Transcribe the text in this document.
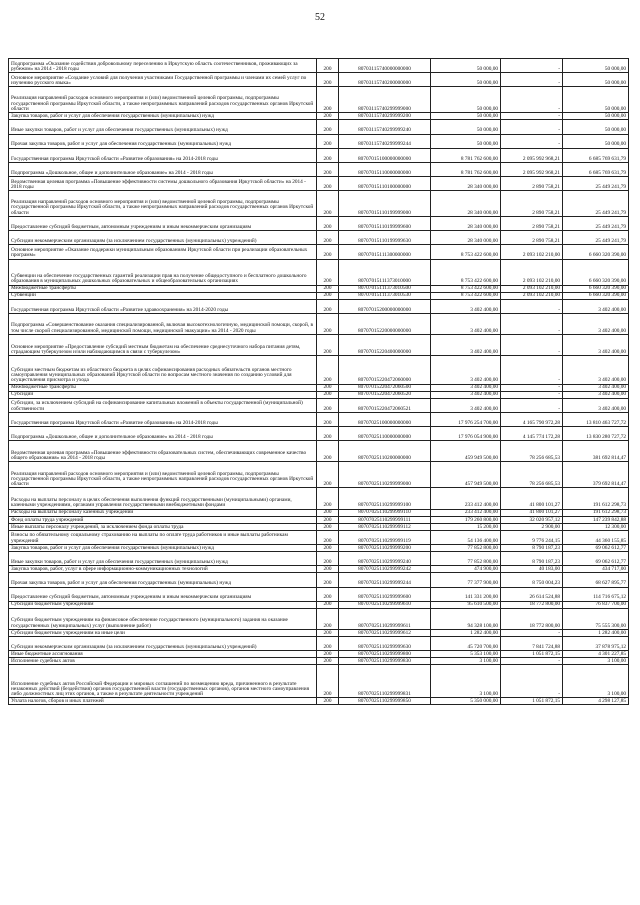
52
Подпрограмма «Оказание содействия добровольному переселению в Иркутскую область соотечественников, проживающих за рубежом» на 2014 - 2018 годы	200	80703115740000000000	50 000,00	-	50 000,00
Основное мероприятие «Создание условий для получения участниками Государственной программы и членами их семей услуг по изучению русского языка»	200	80703115740200000000	50 000,00	-	50 000,00
Реализация направлений расходов основного мероприятия и (или) ведомственной целевой программы, подпрограммы государственной программы Иркутской области, а также непрограммных направлений расходов государственных органов Иркутской области	200	80703115740299999000	50 000,00	-	50 000,00
Закупка товаров, работ и услуг для обеспечения государственных (муниципальных) нужд	200	80703115740299999200	50 000,00	-	50 000,00
Иные закупки товаров, работ и услуг для обеспечения государственных (муниципальных) нужд	200	80703115740299999240	50 000,00	-	50 000,00
Прочая закупка товаров, работ и услуг для обеспечения государственных (муниципальных) нужд	200	80703115740299999244	50 000,00	-	50 000,00
Государственная программа Иркутской области «Развитие образования» на 2014-2018 годы	200	80707015100000000000	8 781 762 600,00	2 095 992 968,21	6 685 769 631,79
Подпрограмма «Дошкольное, общее и дополнительное образование» на 2014 - 2018 годы	200	80707015110000000000	8 781 762 600,00	2 095 992 968,21	6 685 769 631,79
Ведомственная целевая программа «Повышение эффективности системы дошкольного образования Иркутской области» на 2014 - 2018 годы	200	80707015110100000000	28 340 000,00	2 890 758,21	25 449 241,79
Реализация направлений расходов основного мероприятия и (или) ведомственной целевой программы, подпрограммы государственной программы Иркутской области, а также непрограммных направлений расходов государственных органов Иркутской области	200	80707015110199999000	28 340 000,00	2 890 758,21	25 449 241,79
Предоставление субсидий бюджетным, автономным учреждениям и иным некоммерческим организациям	200	80707015110199999600	28 340 000,00	2 890 758,21	25 449 241,79
Субсидии некоммерческим организациям (за исключением государственных (муниципальных) учреждений)	200	80707015110199999630	28 340 000,00	2 890 758,21	25 449 241,79
Основное мероприятие «Оказание поддержки муниципальным образованиям Иркутской области при реализации образовательных программ»	200	80707015111300000000	8 753 422 600,00	2 093 102 210,00	6 660 320 390,00
Субвенции на обеспечение государственных гарантий реализации прав на получение общедоступного и бесплатного дошкольного образования в муниципальных дошкольных образовательных и общеобразовательных организациях	200	80707015111373010000	8 753 422 600,00	2 093 102 210,00	6 660 320 390,00
Межбюджетные трансферты	200	80707015111373010500	8 753 422 600,00	2 093 102 210,00	6 660 320 390,00
Субвенции	200	80707015111373010530	8 753 422 600,00	2 093 102 210,00	6 660 320 390,00
Государственная программа Иркутской области «Развитие здравоохранения» на 2014-2020 годы	200	80707015200000000000	3 402 400,00	-	3 402 400,00
Подпрограмма «Совершенствование оказания специализированной, включая высокотехнологичную, медицинской помощи, скорой, в том числе скорой специализированной, медицинской помощи, медицинской эвакуации» на 2014 - 2020 годы	200	80707015220000000000	3 402 400,00	-	3 402 400,00
Основное мероприятие «Предоставление субсидий местным бюджетам на обеспечение среднесуточного набора питания детям, страдающим туберкулезом и/или наблюдающимся в связи с туберкулезом»	200	80707015220400000000	3 402 400,00	-	3 402 400,00
Субсидии местным бюджетам из областного бюджета в целях софинансирования расходных обязательств органов местного самоуправления муниципальных образований Иркутской области по вопросам местного значения по созданию условий для осуществления присмотра и ухода	200	80707015220472060000	3 402 400,00	-	3 402 400,00
Межбюджетные трансферты	200	80707015220472060500	3 402 400,00	-	3 402 400,00
Субсидии	200	80707015220472060520	3 402 400,00	-	3 402 400,00
Субсидии, за исключением субсидий на софинансирование капитальных вложений в объекты государственной (муниципальной) собственности	200	80707015220472060521	3 402 400,00	-	3 402 400,00
Государственная программа Иркутской области «Развитие образования» на 2014-2018 годы	200	80707025100000000000	17 976 254 700,00	4 165 790 972,28	13 810 463 727,72
Подпрограмма «Дошкольное, общее и дополнительное образование» на 2014 - 2018 годы	200	80707025110000000000	17 976 054 900,00	4 145 774 172,28	13 830 280 727,72
Ведомственная целевая программа «Повышение эффективности образовательных систем, обеспечивающих современное качество общего образования» на 2014 - 2018 годы	200	80707025110200000000	459 949 500,00	78 256 685,53	381 692 814,47
Реализация направлений расходов основного мероприятия и (или) ведомственной целевой программы, подпрограммы государственной программы Иркутской области, а также непрограммных направлений расходов государственных органов Иркутской области	200	80707025110299999000	457 949 500,00	78 256 685,53	379 692 814,47
Расходы на выплаты персоналу в целях обеспечения выполнения функций государственными (муниципальными) органами, казенными учреждениями, органами управления государственными внебюджетными фондами	200	80707025110299999100	233 412 400,00	41 800 101,27	191 612 298,73
Расходы на выплаты персоналу казенных учреждений	200	80707025110299999110	233 412 400,00	41 800 101,27	191 612 298,73
Фонд оплаты труда учреждений	200	80707025110299999111	179 260 800,00	32 020 957,12	147 239 842,88
Иные выплаты персоналу учреждений, за исключением фонда оплаты труда	200	80707025110299999112	15 200,00	2 900,00	12 300,00
Взносы по обязательному социальному страхованию на выплаты по оплате труда работников и иные выплаты работникам учреждений	200	80707025110299999119	54 136 400,00	9 776 244,15	44 360 155,85
Закупка товаров, работ и услуг для обеспечения государственных (муниципальных) нужд	200	80707025110299999200	77 852 800,00	8 790 187,23	69 062 612,77
Иные закупки товаров, работ и услуг для обеспечения государственных (муниципальных) нужд	200	80707025110299999240	77 852 800,00	8 790 187,23	69 062 612,77
Закупка товаров, работ, услуг в сфере информационно-коммуникационных технологий	200	80707025110299999242	474 900,00	40 183,00	434 717,00
Прочая закупка товаров, работ и услуг для обеспечения государственных (муниципальных) нужд	200	80707025110299999244	77 377 900,00	8 750 004,23	68 627 895,77
Предоставление субсидий бюджетным, автономным учреждениям и иным некоммерческим организациям	200	80707025110299999600	141 331 200,00	26 614 524,88	114 716 675,12
Субсидии бюджетным учреждениям	200	80707025110299999610	95 610 500,00	18 772 800,00	76 837 700,00
Субсидии бюджетным учреждениям на финансовое обеспечение государственного (муниципального) задания на оказание государственных (муниципальных) услуг (выполнение работ)	200	80707025110299999611	94 328 100,00	18 772 800,00	75 555 300,00
Субсидии бюджетным учреждениям на иные цели	200	80707025110299999612	1 282 400,00	-	1 282 400,00
Субсидии некоммерческим организациям (за исключением государственных (муниципальных) учреждений)	200	80707025110299999630	45 720 700,00	7 841 724,88	37 878 975,12
Иные бюджетные ассигнования	200	80707025110299999800	5 353 100,00	1 051 872,15	4 301 227,85
Исполнение судебных актов	200	80707025110299999830	3 100,00	-	3 100,00
Исполнение судебных актов Российской Федерации и мировых соглашений по возмещению вреда, причиненного в результате незаконных действий (бездействия) органов государственной власти (государственных органов), органов местного самоуправления либо должностных лиц этих органов, а также в результате деятельности учреждений	200	80707025110299999831	3 100,00	-	3 100,00
Уплата налогов, сборов и иных платежей	200	80707025110299999850	5 350 000,00	1 051 872,15	4 298 127,85
